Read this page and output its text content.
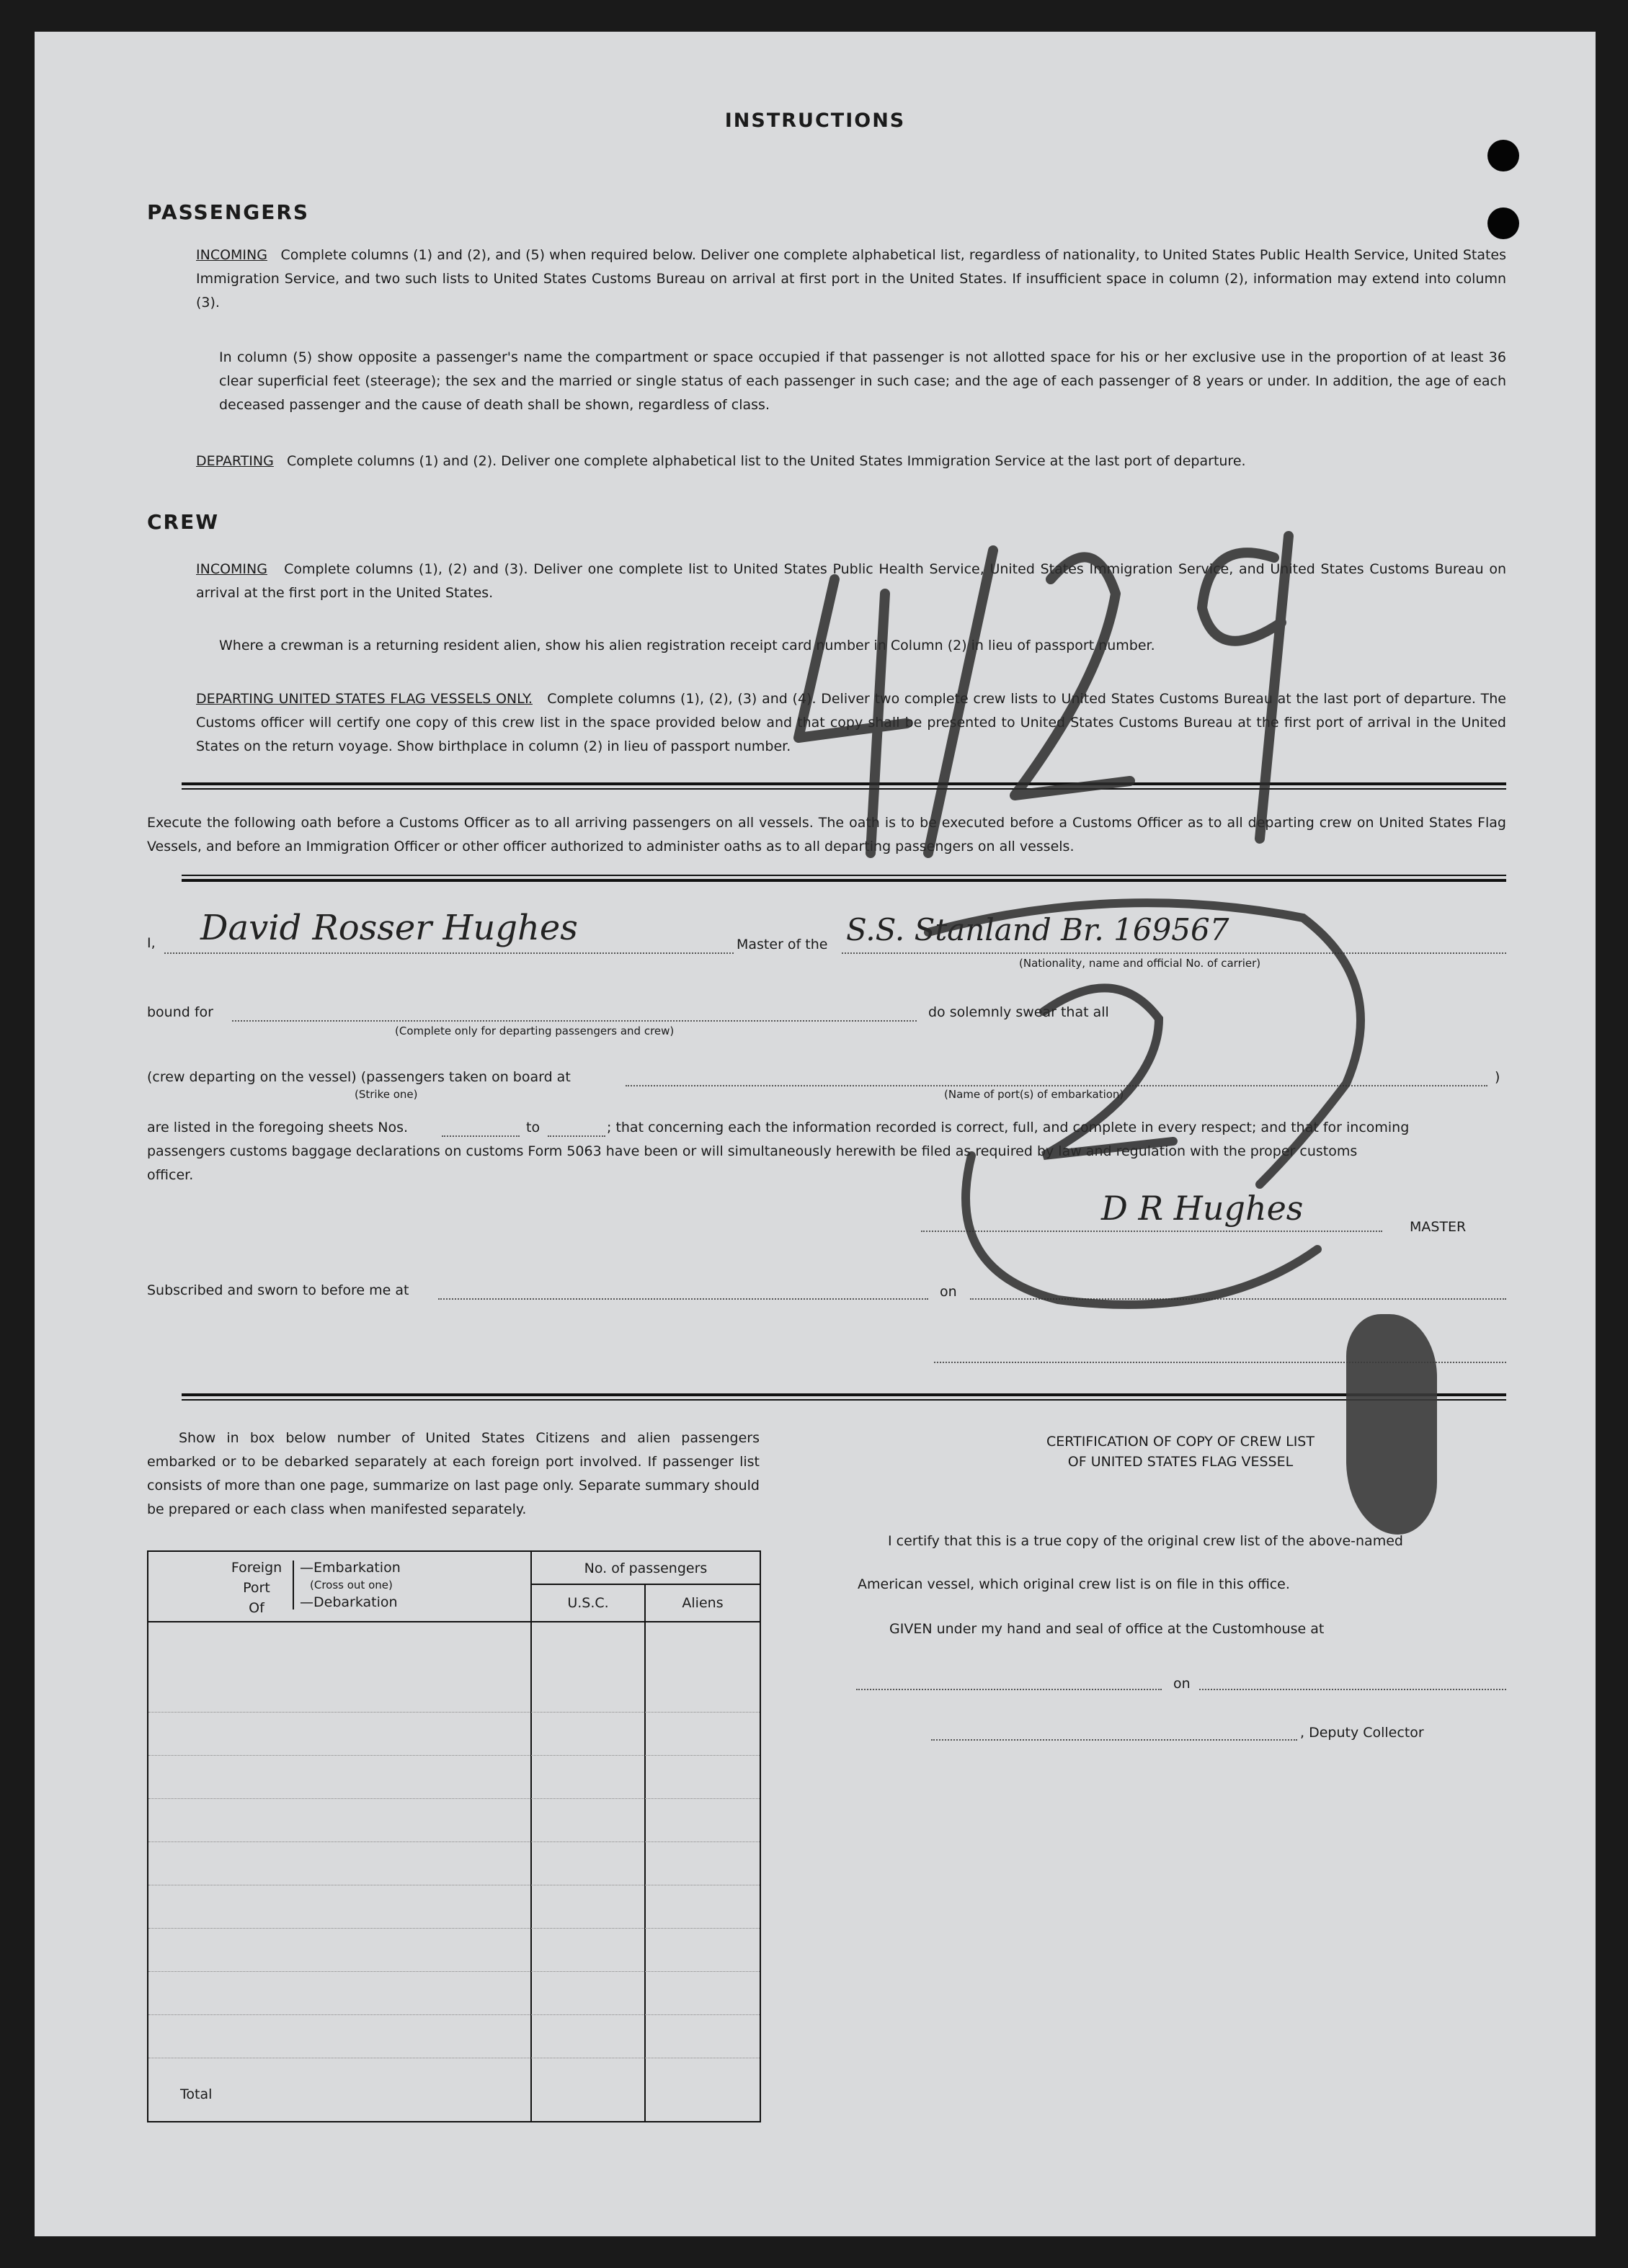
INSTRUCTIONS
PASSENGERS
INCOMING Complete columns (1) and (2), and (5) when required below. Deliver one complete alphabetical list, regardless of nationality, to United States Public Health Service, United States Immigration Service, and two such lists to United States Customs Bureau on arrival at first port in the United States. If insufficient space in column (2), information may extend into column (3).
In column (5) show opposite a passenger's name the compartment or space occupied if that passenger is not allotted space for his or her exclusive use in the proportion of at least 36 clear superficial feet (steerage); the sex and the married or single status of each passenger in such case; and the age of each passenger of 8 years or under. In addition, the age of each deceased passenger and the cause of death shall be shown, regardless of class.
DEPARTING Complete columns (1) and (2). Deliver one complete alphabetical list to the United States Immigration Service at the last port of departure.
CREW
INCOMING Complete columns (1), (2) and (3). Deliver one complete list to United States Public Health Service, United States Immigration Service, and United States Customs Bureau on arrival at the first port in the United States.
Where a crewman is a returning resident alien, show his alien registration receipt card number in Column (2) in lieu of passport number.
DEPARTING UNITED STATES FLAG VESSELS ONLY. Complete columns (1), (2), (3) and (4). Deliver two complete crew lists to United States Customs Bureau at the last port of departure. The Customs officer will certify one copy of this crew list in the space provided below and that copy shall be presented to United States Customs Bureau at the first port of arrival in the United States on the return voyage. Show birthplace in column (2) in lieu of passport number.
Execute the following oath before a Customs Officer as to all arriving passengers on all vessels. The oath is to be executed before a Customs Officer as to all departing crew on United States Flag Vessels, and before an Immigration Officer or other officer authorized to administer oaths as to all departing passengers on all vessels.
I, David Rosser Hughes	Master of the S.S. Stanland Br. 169567
(Nationality, name and official No. of carrier)
bound for
(Complete only for departing passengers and crew)
do solemnly swear that all
(crew departing on the vessel) (passengers taken on board at
(Strike one)	(Name of port(s) of embarkation)
)
are listed in the foregoing sheets Nos.	to	; that concerning each the information recorded is correct, full, and complete in every respect; and that for incoming
passengers customs baggage declarations on customs Form 5063 have been or will simultaneously herewith be filed as required by law and regulation with the proper customs
officer.
D R Hughes	MASTER
Subscribed and sworn to before me at	on
Show in box below number of United States Citizens and alien passengers embarked or to be debarked separately at each foreign port involved. If passenger list consists of more than one page, summarize on last page only. Separate summary should be prepared or each class when manifested separately.
Foreign
Port
Of
—Embarkation
(Cross out one)
—Debarkation
No. of passengers
U.S.C.	Aliens
Total
CERTIFICATION OF COPY OF CREW LIST
OF UNITED STATES FLAG VESSEL
I certify that this is a true copy of the original crew list of the above-named
American vessel, which original crew list is on file in this office.
GIVEN under my hand and seal of office at the Customhouse at
on
, Deputy Collector
